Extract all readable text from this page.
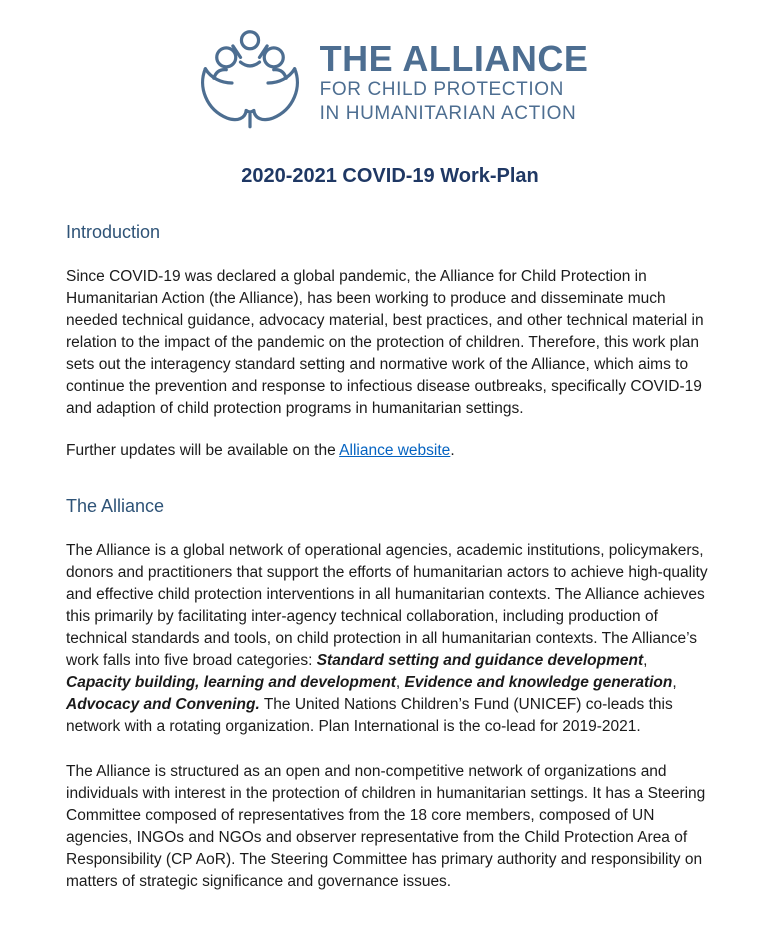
THE ALLIANCE
FOR CHILD PROTECTION
IN HUMANITARIAN ACTION
2020-2021 COVID-19 Work-Plan
Introduction

Since COVID-19 was declared a global pandemic, the Alliance for Child Protection in Humanitarian Action (the Alliance), has been working to produce and disseminate much needed technical guidance, advocacy material, best practices, and other technical material in relation to the impact of the pandemic on the protection of children. Therefore, this work plan sets out the interagency standard setting and normative work of the Alliance, which aims to continue the prevention and response to infectious disease outbreaks, specifically COVID-19 and adaption of child protection programs in humanitarian settings.

Further updates will be available on the Alliance website.

The Alliance

The Alliance is a global network of operational agencies, academic institutions, policymakers, donors and practitioners that support the efforts of humanitarian actors to achieve high-quality and effective child protection interventions in all humanitarian contexts. The Alliance achieves this primarily by facilitating inter-agency technical collaboration, including production of technical standards and tools, on child protection in all humanitarian contexts. The Alliance’s work falls into five broad categories: Standard setting and guidance development, Capacity building, learning and development, Evidence and knowledge generation, Advocacy and Convening. The United Nations Children’s Fund (UNICEF) co-leads this network with a rotating organization. Plan International is the co-lead for 2019-2021.

The Alliance is structured as an open and non-competitive network of organizations and individuals with interest in the protection of children in humanitarian settings. It has a Steering Committee composed of representatives from the 18 core members, composed of UN agencies, INGOs and NGOs and observer representative from the Child Protection Area of Responsibility (CP AoR). The Steering Committee has primary authority and responsibility on matters of strategic significance and governance issues.
